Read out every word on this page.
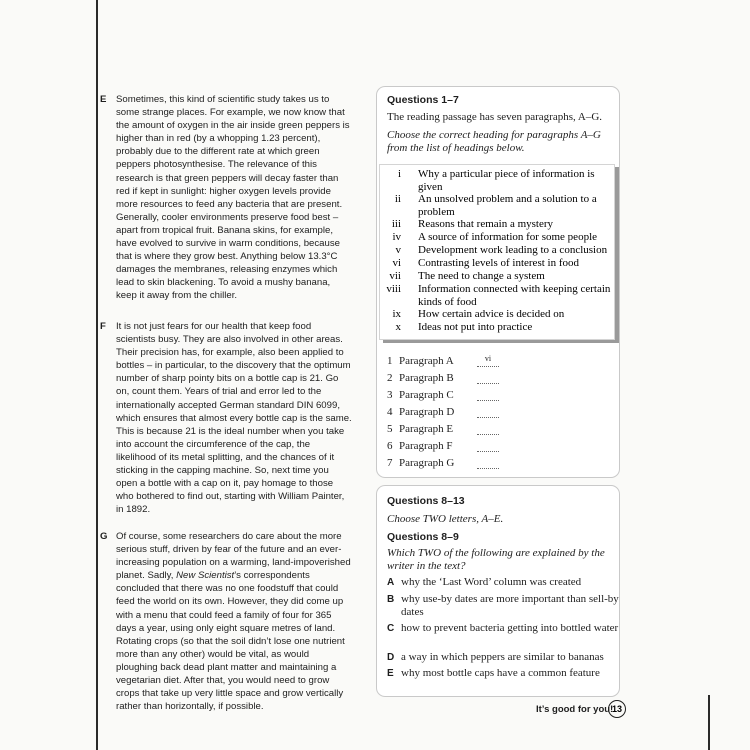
E Sometimes, this kind of scientific study takes us to some strange places. For example, we now know that the amount of oxygen in the air inside green peppers is higher than in red (by a whopping 1.23 percent), probably due to the different rate at which green peppers photosynthesise. The relevance of this research is that green peppers will decay faster than red if kept in sunlight: higher oxygen levels provide more resources to feed any bacteria that are present. Generally, cooler environments preserve food best – apart from tropical fruit. Banana skins, for example, have evolved to survive in warm conditions, because that is where they grow best. Anything below 13.3°C damages the membranes, releasing enzymes which lead to skin blackening. To avoid a mushy banana, keep it away from the chiller.

F It is not just fears for our health that keep food scientists busy. They are also involved in other areas. Their precision has, for example, also been applied to bottles – in particular, to the discovery that the optimum number of sharp pointy bits on a bottle cap is 21. Go on, count them. Years of trial and error led to the internationally accepted German standard DIN 6099, which ensures that almost every bottle cap is the same. This is because 21 is the ideal number when you take into account the circumference of the cap, the likelihood of its metal splitting, and the chances of it sticking in the capping machine. So, next time you open a bottle with a cap on it, pay homage to those who bothered to find out, starting with William Painter, in 1892.

G Of course, some researchers do care about the more serious stuff, driven by fear of the future and an ever-increasing population on a warming, land-impoverished planet. Sadly, New Scientist’s correspondents concluded that there was no one foodstuff that could feed the world on its own. However, they did come up with a menu that could feed a family of four for 365 days a year, using only eight square metres of land. Rotating crops (so that the soil didn’t lose one nutrient more than any other) would be vital, as would ploughing back dead plant matter and maintaining a vegetarian diet. After that, you would need to grow crops that take up very little space and grow vertically rather than horizontally, if possible.

Questions 1–7
The reading passage has seven paragraphs, A–G.
Choose the correct heading for paragraphs A–G
from the list of headings below.
1 Paragraph A	vi
2 Paragraph B
3 Paragraph C
4 Paragraph D
5 Paragraph E
6 Paragraph F
7 Paragraph G
i Why a particular piece of information is given
ii An unsolved problem and a solution to a problem
iii Reasons that remain a mystery
iv A source of information for some people
v Development work leading to a conclusion
vi Contrasting levels of interest in food
vii The need to change a system
viii Information connected with keeping certain kinds of food
ix How certain advice is decided on
x Ideas not put into practice
Questions 8–13
Choose TWO letters, A–E.
Questions 8–9
Which TWO of the following are explained by the
writer in the text?
A why the ‘Last Word’ column was created
B why use-by dates are more important than sell-by dates
C how to prevent bacteria getting into bottled water
D a way in which peppers are similar to bananas
E why most bottle caps have a common feature
It’s good for you!
13
